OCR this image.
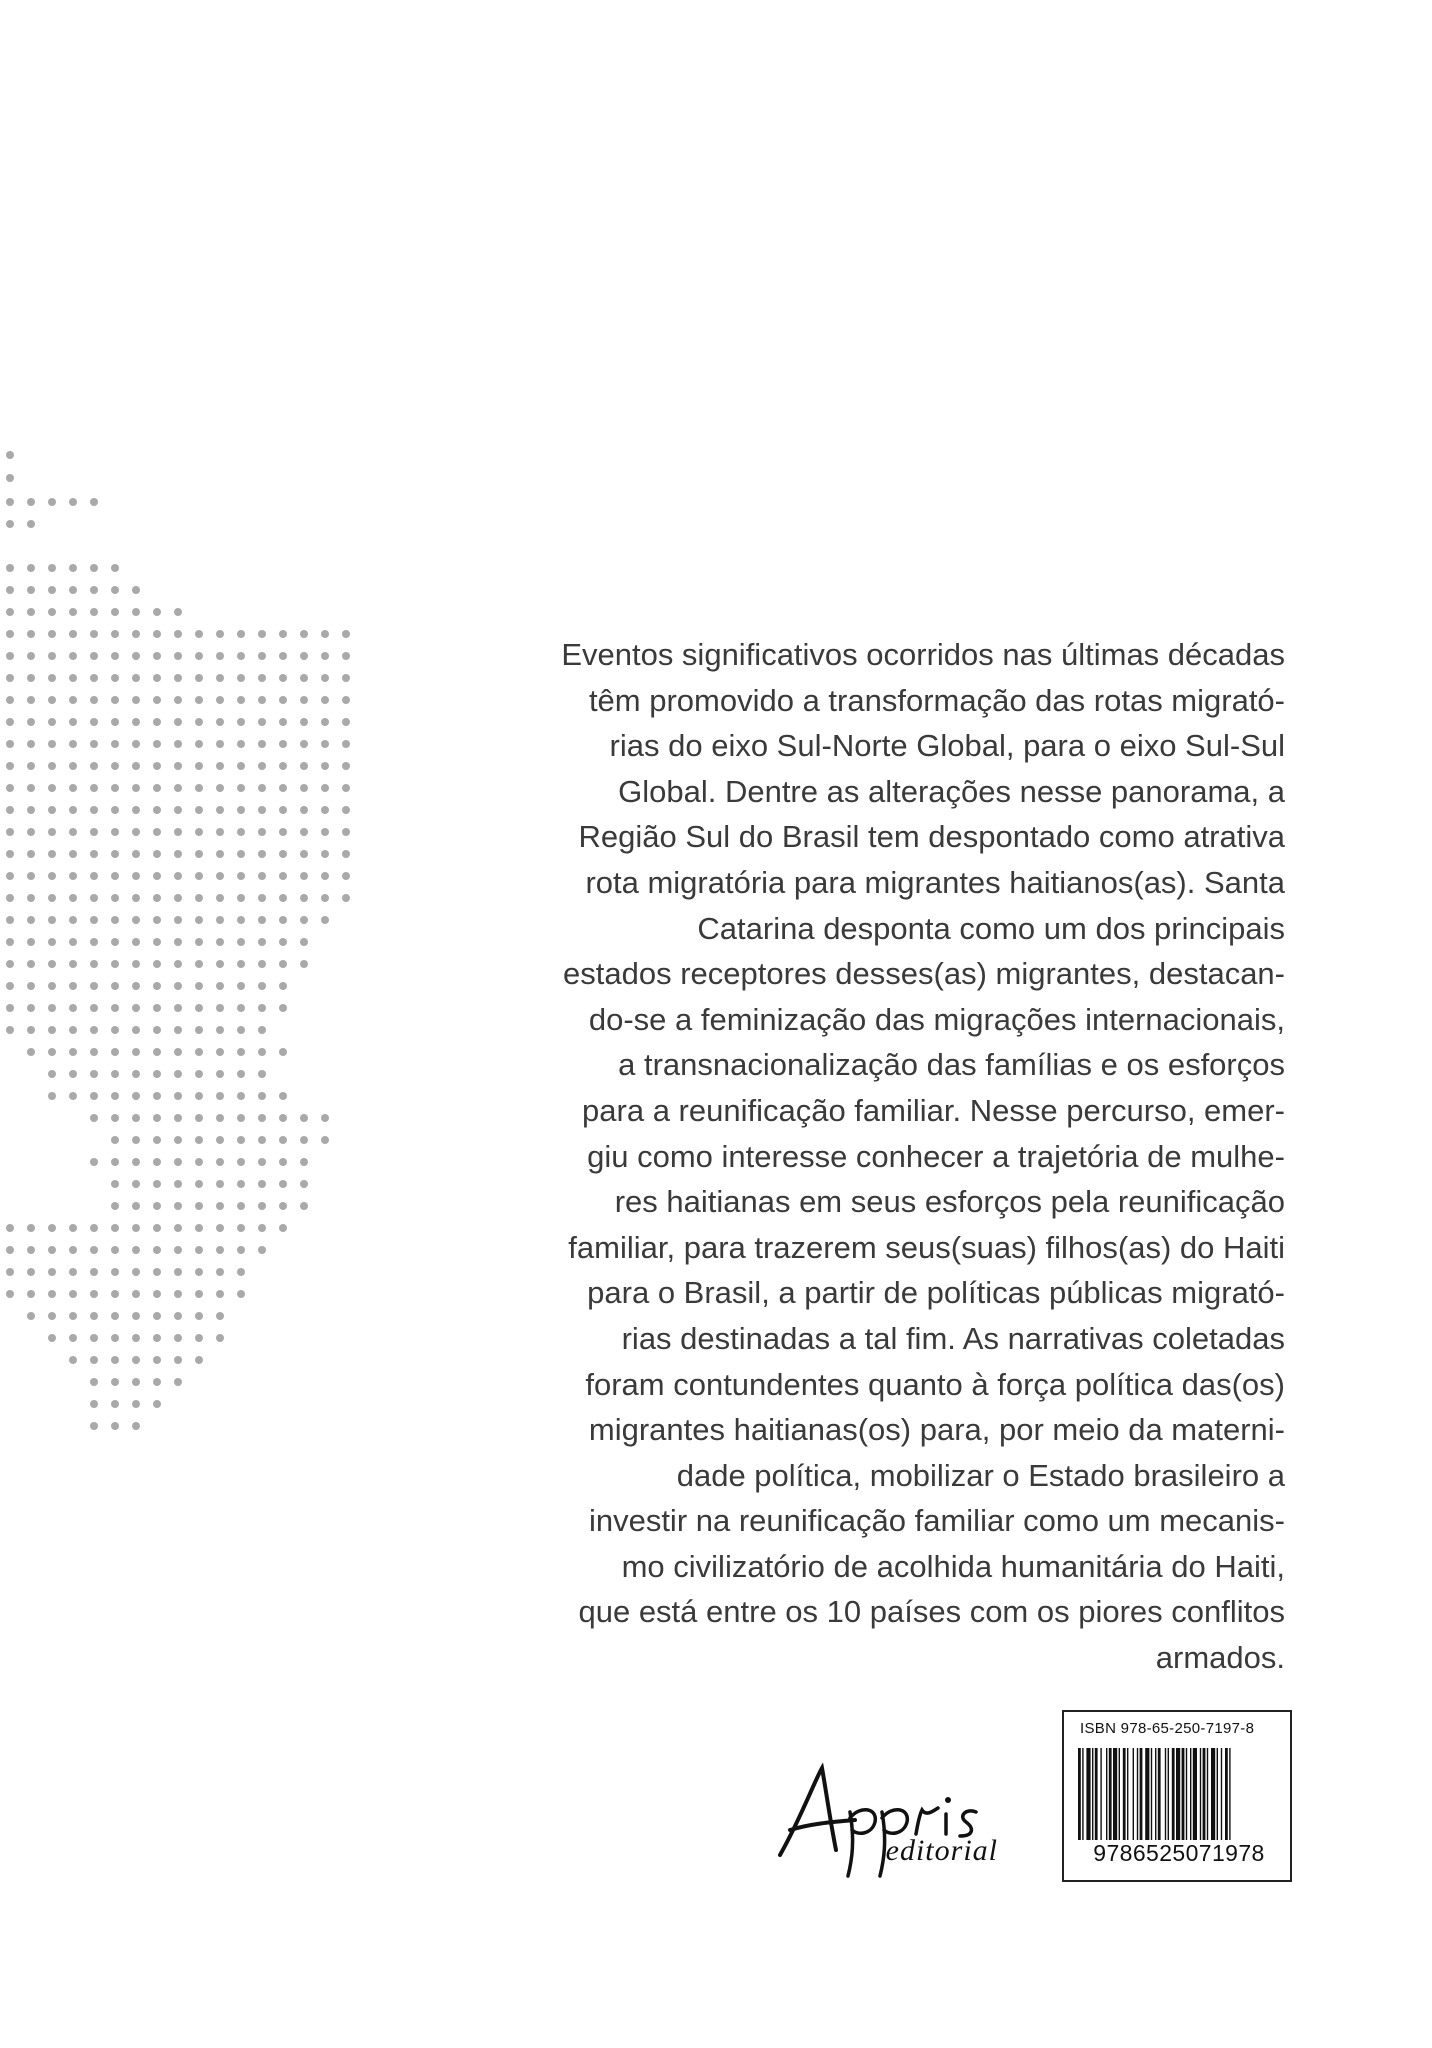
Eventos significativos ocorridos nas últimas décadas
têm promovido a transformação das rotas migrató-
rias do eixo Sul-Norte Global, para o eixo Sul-Sul
Global. Dentre as alterações nesse panorama, a
Região Sul do Brasil tem despontado como atrativa
rota migratória para migrantes haitianos(as). Santa
Catarina desponta como um dos principais
estados receptores desses(as) migrantes, destacan-
do-se a feminização das migrações internacionais,
a transnacionalização das famílias e os esforços
para a reunificação familiar. Nesse percurso, emer-
giu como interesse conhecer a trajetória de mulhe-
res haitianas em seus esforços pela reunificação
familiar, para trazerem seus(suas) filhos(as) do Haiti
para o Brasil, a partir de políticas públicas migrató-
rias destinadas a tal fim. As narrativas coletadas
foram contundentes quanto à força política das(os)
migrantes haitianas(os) para, por meio da materni-
dade política, mobilizar o Estado brasileiro a
investir na reunificação familiar como um mecanis-
mo civilizatório de acolhida humanitária do Haiti,
que está entre os 10 países com os piores conflitos
armados.
editorial
ISBN 978-65-250-7197-8
9786525071978
